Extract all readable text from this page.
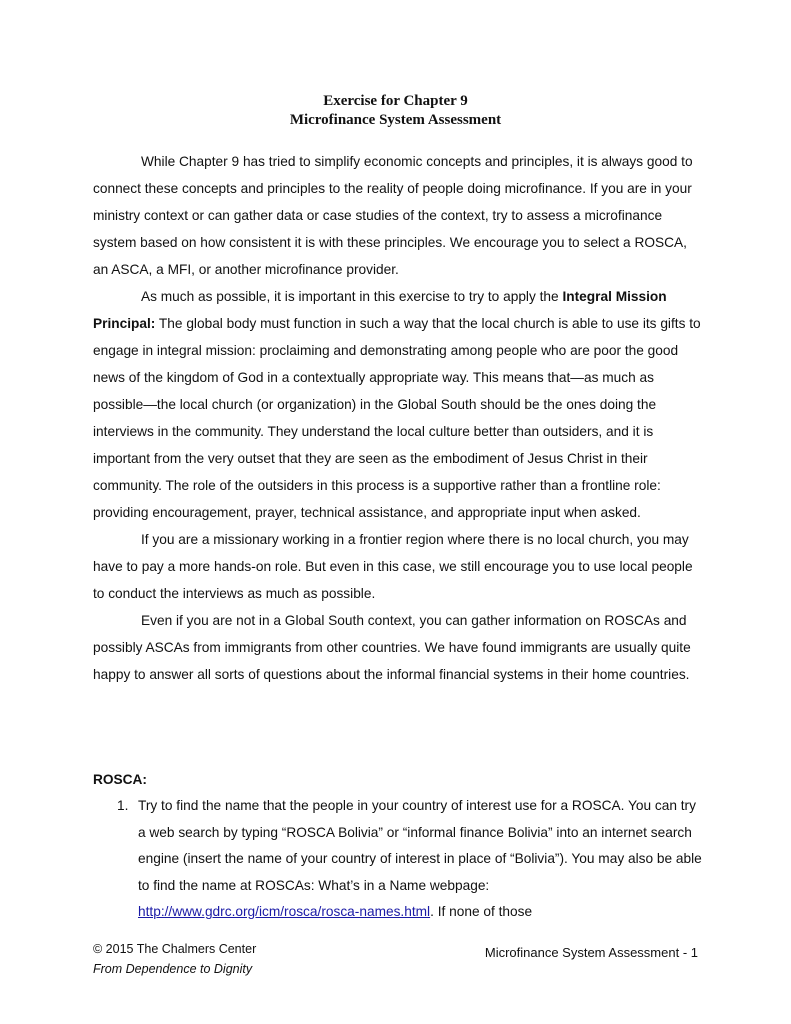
Exercise for Chapter 9
Microfinance System Assessment

While Chapter 9 has tried to simplify economic concepts and principles, it is always good to connect these concepts and principles to the reality of people doing microfinance. If you are in your ministry context or can gather data or case studies of the context, try to assess a microfinance system based on how consistent it is with these principles. We encourage you to select a ROSCA, an ASCA, a MFI, or another microfinance provider.

As much as possible, it is important in this exercise to try to apply the Integral Mission Principal: The global body must function in such a way that the local church is able to use its gifts to engage in integral mission: proclaiming and demonstrating among people who are poor the good news of the kingdom of God in a contextually appropriate way. This means that—as much as possible—the local church (or organization) in the Global South should be the ones doing the interviews in the community. They understand the local culture better than outsiders, and it is important from the very outset that they are seen as the embodiment of Jesus Christ in their community. The role of the outsiders in this process is a supportive rather than a frontline role: providing encouragement, prayer, technical assistance, and appropriate input when asked.

If you are a missionary working in a frontier region where there is no local church, you may have to pay a more hands-on role. But even in this case, we still encourage you to use local people to conduct the interviews as much as possible.

Even if you are not in a Global South context, you can gather information on ROSCAs and possibly ASCAs from immigrants from other countries. We have found immigrants are usually quite happy to answer all sorts of questions about the informal financial systems in their home countries.

ROSCA:
1. Try to find the name that the people in your country of interest use for a ROSCA. You can try a web search by typing “ROSCA Bolivia” or “informal finance Bolivia” into an internet search engine (insert the name of your country of interest in place of “Bolivia”). You may also be able to find the name at ROSCAs: What’s in a Name webpage: http://www.gdrc.org/icm/rosca/rosca-names.html. If none of those
© 2015 The Chalmers Center
From Dependence to Dignity
Microfinance System Assessment - 1
